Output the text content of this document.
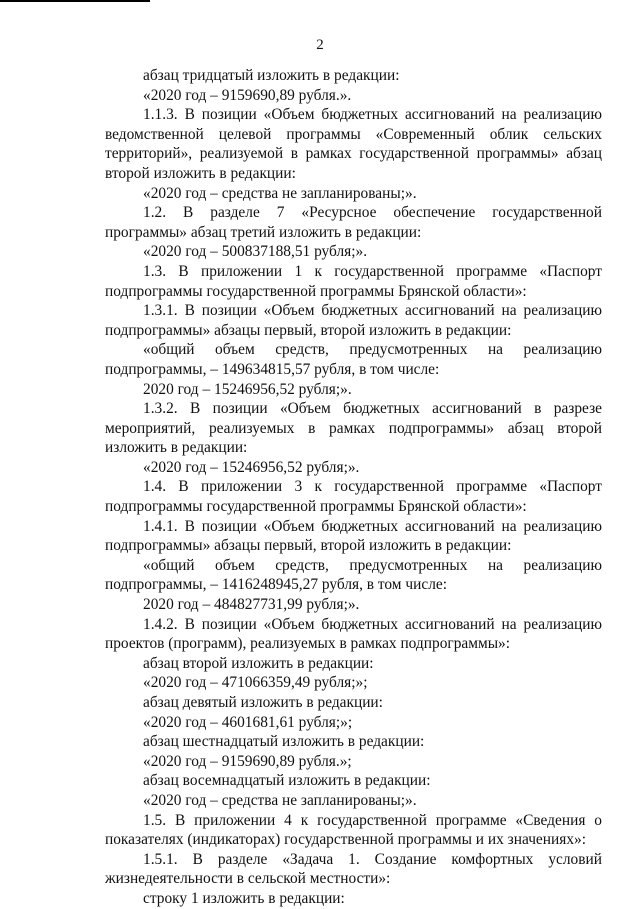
2

абзац тридцатый изложить в редакции:

«2020 год – 9159690,89 рубля.».

1.1.3. В позиции «Объем бюджетных ассигнований на реализацию ведомственной целевой программы «Современный облик сельских территорий», реализуемой в рамках государственной программы» абзац второй изложить в редакции:

«2020 год – средства не запланированы;».

1.2. В разделе 7 «Ресурсное обеспечение государственной программы» абзац третий изложить в редакции:

«2020 год – 500837188,51 рубля;».

1.3. В приложении 1 к государственной программе «Паспорт подпрограммы государственной программы Брянской области»:

1.3.1. В позиции «Объем бюджетных ассигнований на реализацию подпрограммы» абзацы первый, второй изложить в редакции:

«общий объем средств, предусмотренных на реализацию подпрограммы, – 149634815,57 рубля, в том числе:

2020 год – 15246956,52 рубля;».

1.3.2. В позиции «Объем бюджетных ассигнований в разрезе мероприятий, реализуемых в рамках подпрограммы» абзац второй изложить в редакции:

«2020 год – 15246956,52 рубля;».

1.4. В приложении 3 к государственной программе «Паспорт подпрограммы государственной программы Брянской области»:

1.4.1. В позиции «Объем бюджетных ассигнований на реализацию подпрограммы» абзацы первый, второй изложить в редакции:

«общий объем средств, предусмотренных на реализацию подпрограммы, – 1416248945,27 рубля, в том числе:

2020 год – 484827731,99 рубля;».

1.4.2. В позиции «Объем бюджетных ассигнований на реализацию проектов (программ), реализуемых в рамках подпрограммы»:

абзац второй изложить в редакции:

«2020 год – 471066359,49 рубля;»;

абзац девятый изложить в редакции:

«2020 год – 4601681,61 рубля;»;

абзац шестнадцатый изложить в редакции:

«2020 год – 9159690,89 рубля.»;

абзац восемнадцатый изложить в редакции:

«2020 год – средства не запланированы;».

1.5. В приложении 4 к государственной программе «Сведения о показателях (индикаторах) государственной программы и их значениях»:

1.5.1. В разделе «Задача 1. Создание комфортных условий жизнедеятельности в сельской местности»:

строку 1 изложить в редакции:
